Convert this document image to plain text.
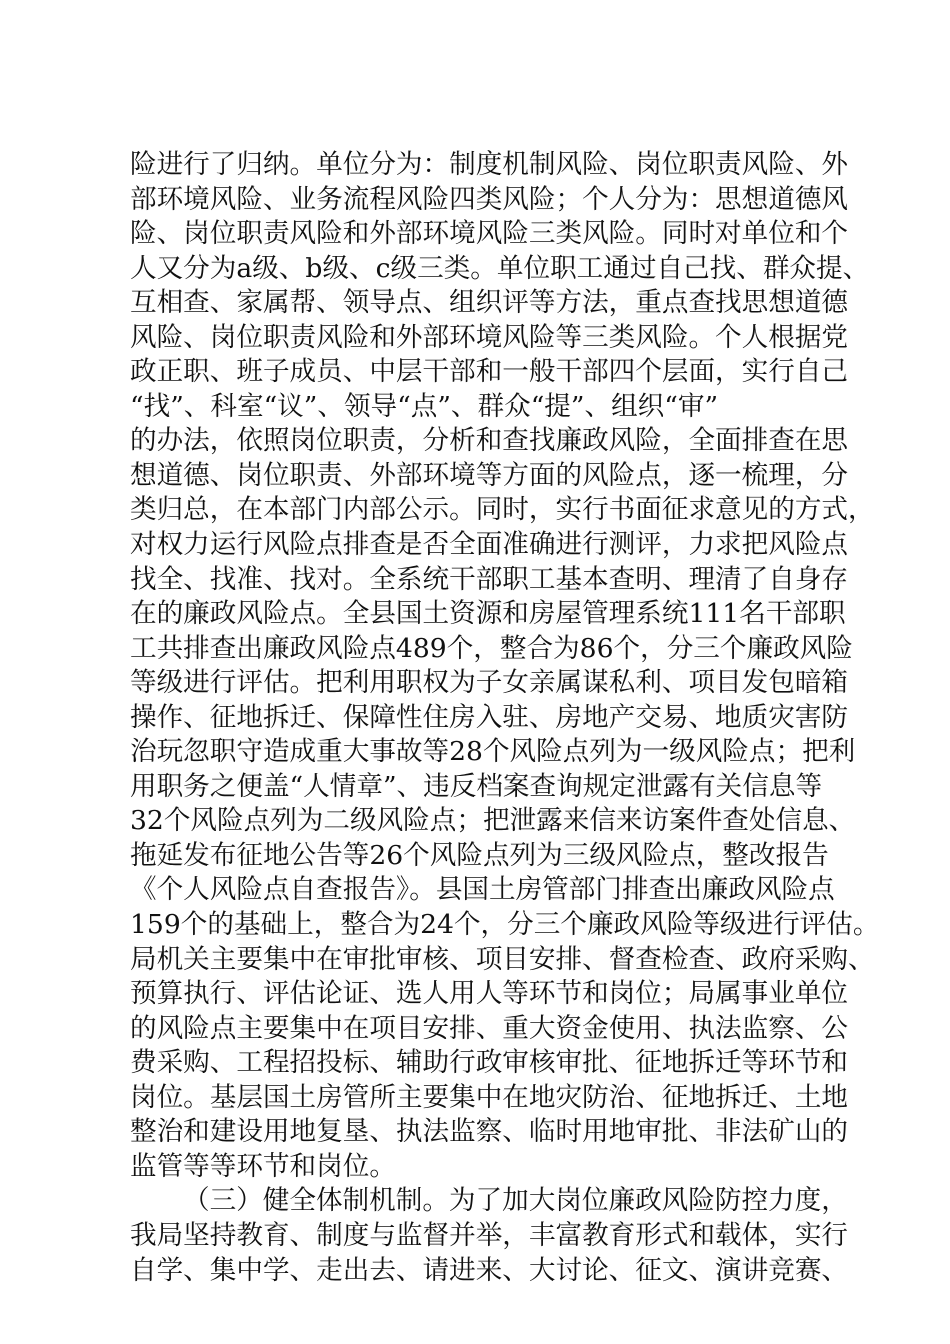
险进行了归纳。单位分为：制度机制风险、岗位职责风险、外
部环境风险、业务流程风险四类风险；个人分为：思想道德风
险、岗位职责风险和外部环境风险三类风险。同时对单位和个
人又分为a级、b级、c级三类。单位职工通过自己找、群众提、
互相查、家属帮、领导点、组织评等方法，重点查找思想道德
风险、岗位职责风险和外部环境风险等三类风险。个人根据党
政正职、班子成员、中层干部和一般干部四个层面，实行自己
“找”、科室“议”、领导“点”、群众“提”、组织“审”
的办法，依照岗位职责，分析和查找廉政风险，全面排查在思
想道德、岗位职责、外部环境等方面的风险点，逐一梳理，分
类归总，在本部门内部公示。同时，实行书面征求意见的方式，
对权力运行风险点排查是否全面准确进行测评，力求把风险点
找全、找准、找对。全系统干部职工基本查明、理清了自身存
在的廉政风险点。全县国土资源和房屋管理系统111名干部职
工共排查出廉政风险点489个，整合为86个，分三个廉政风险
等级进行评估。把利用职权为子女亲属谋私利、项目发包暗箱
操作、征地拆迁、保障性住房入驻、房地产交易、地质灾害防
治玩忽职守造成重大事故等28个风险点列为一级风险点；把利
用职务之便盖“人情章”、违反档案查询规定泄露有关信息等
32个风险点列为二级风险点；把泄露来信来访案件查处信息、
拖延发布征地公告等26个风险点列为三级风险点，整改报告
《个人风险点自查报告》。县国土房管部门排查出廉政风险点
159个的基础上，整合为24个，分三个廉政风险等级进行评估。
局机关主要集中在审批审核、项目安排、督查检查、政府采购、
预算执行、评估论证、选人用人等环节和岗位；局属事业单位
的风险点主要集中在项目安排、重大资金使用、执法监察、公
费采购、工程招投标、辅助行政审核审批、征地拆迁等环节和
岗位。基层国土房管所主要集中在地灾防治、征地拆迁、土地
整治和建设用地复垦、执法监察、临时用地审批、非法矿山的
监管等等环节和岗位。
（三）健全体制机制。为了加大岗位廉政风险防控力度，
我局坚持教育、制度与监督并举，丰富教育形式和载体，实行
自学、集中学、走出去、请进来、大讨论、征文、演讲竞赛、
